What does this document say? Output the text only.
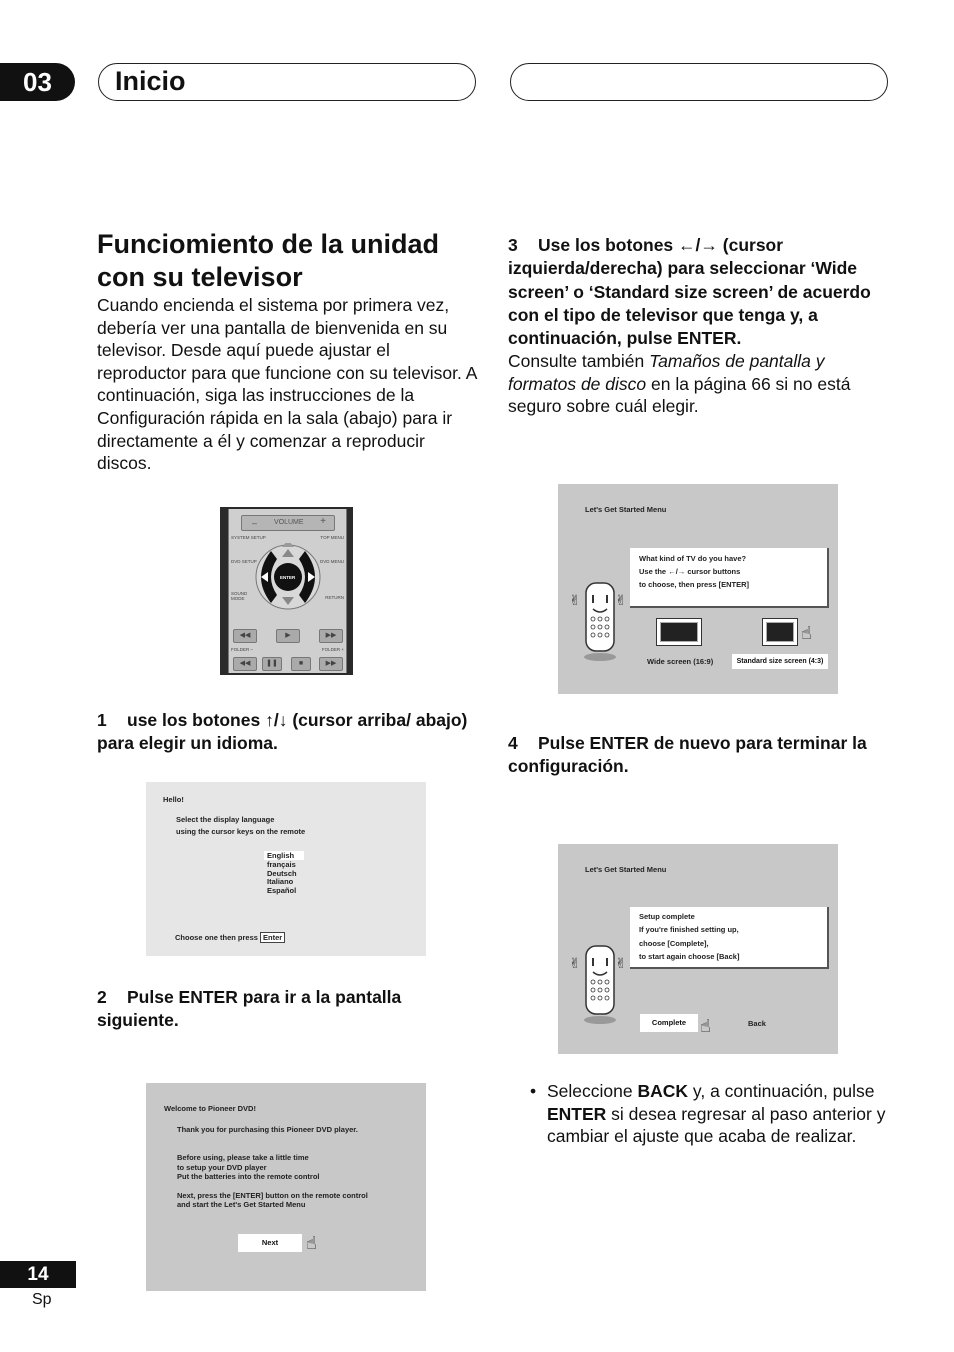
03	Inicio
Funciomiento de la unidad
con su televisor
Cuando encienda el sistema por primera vez, debería ver una pantalla de bienvenida en su televisor. Desde aquí puede ajustar el reproductor para que funcione con su televisor. A continuación, siga las instrucciones de la Configuración rápida en la sala (abajo) para ir directamente a él y comenzar a reproducir discos.
– VOLUME +
SYSTEM SETUP	TOP MENU
DVD SETUP	DVD MENU
SOUND MODE	RETURN
ENTER
◀◀	▶	▶▶
FOLDER –	FOLDER +
◀◀	❚❚	■	▶▶
1 use los botones ↑/↓ (cursor arriba/ abajo) para elegir un idioma.
Hello!
Select the display language
using the cursor keys on the remote
English
français
Deutsch
Italiano
Español
Choose one then press Enter
2 Pulse ENTER para ir a la pantalla siguiente.
Welcome to Pioneer DVD!
Thank you for purchasing this Pioneer DVD player.
Before using, please take a little time
to setup your DVD player
Put the batteries into the remote control
Next, press the [ENTER] button on the remote control
and start the Let's Get Started Menu
Next	☝
3 Use los botones ←/→ (cursor izquierda/derecha) para seleccionar ‘Wide screen’ o ‘Standard size screen’ de acuerdo con el tipo de televisor que tenga y, a continuación, pulse ENTER.
Consulte también Tamaños de pantalla y formatos de disco en la página 66 si no está seguro sobre cuál elegir.
Let's Get Started Menu
What kind of TV do you have?
Use the ←/→ cursor buttons
to choose, then press [ENTER]
✌ ✌
☝
Wide screen (16:9)	Standard size screen (4:3)
4 Pulse ENTER de nuevo para terminar la configuración.
Let's Get Started Menu
Setup complete
If you're finished setting up,
choose [Complete],
to start again choose [Back]
✌ ✌
Complete ☝	Back
• Seleccione BACK y, a continuación, pulse ENTER si desea regresar al paso anterior y cambiar el ajuste que acaba de realizar.
14
Sp
